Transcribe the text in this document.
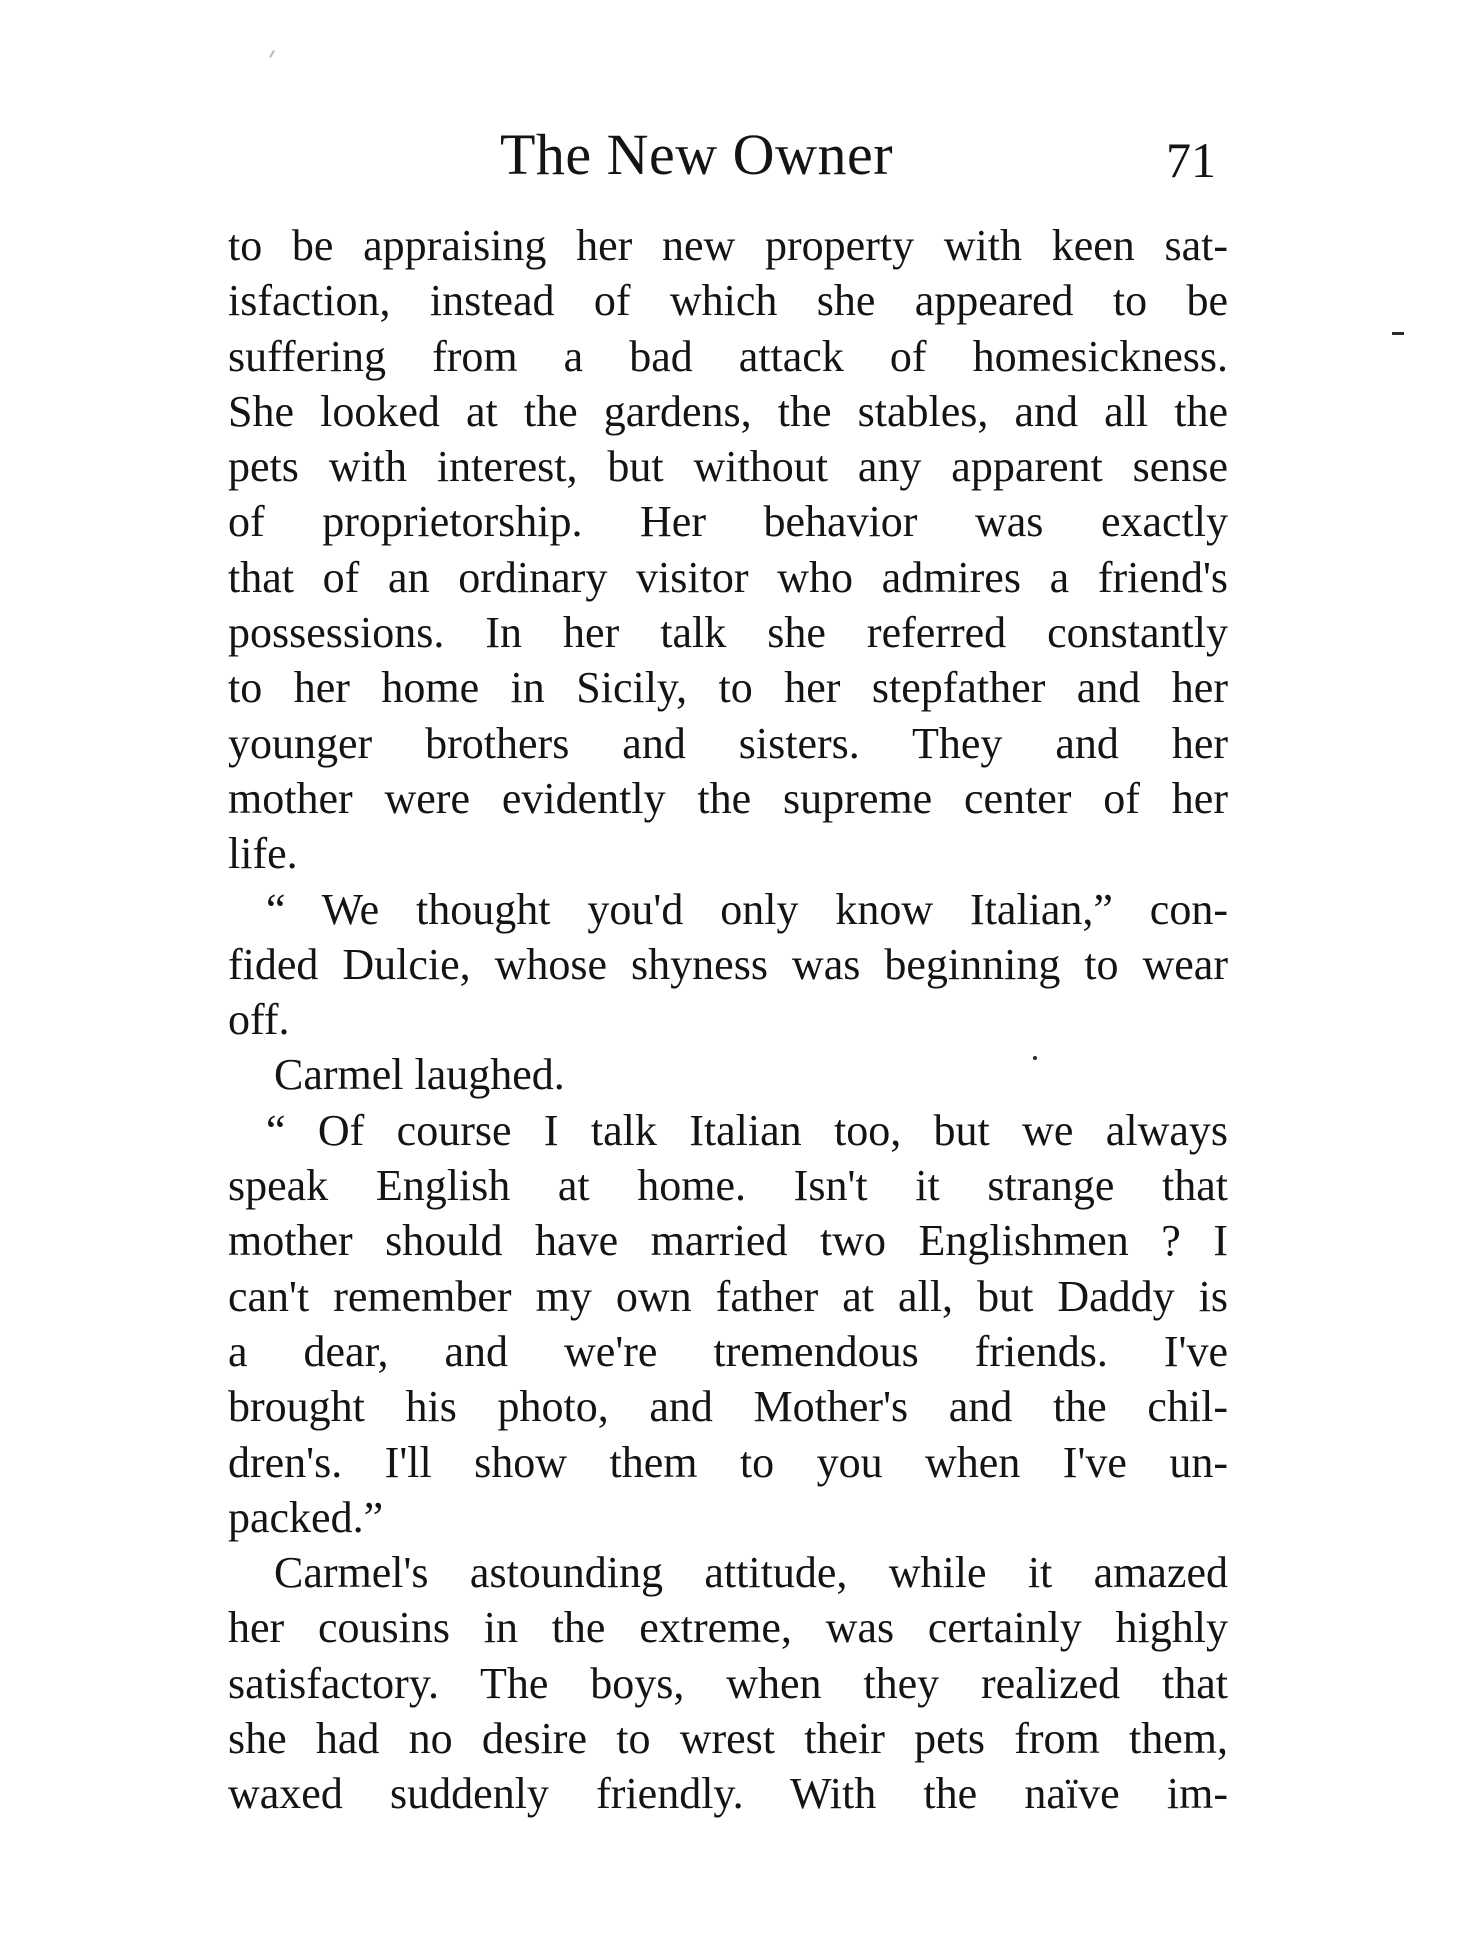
The New Owner	71
to be appraising her new property with keen sat-
isfaction, instead of which she appeared to be
suffering from a bad attack of homesickness.
She looked at the gardens, the stables, and all the
pets with interest, but without any apparent sense
of proprietorship. Her behavior was exactly
that of an ordinary visitor who admires a friend's
possessions. In her talk she referred constantly
to her home in Sicily, to her stepfather and her
younger brothers and sisters. They and her
mother were evidently the supreme center of her
life.
“ We thought you'd only know Italian,” con-
fided Dulcie, whose shyness was beginning to wear
off.
Carmel laughed.
“ Of course I talk Italian too, but we always
speak English at home. Isn't it strange that
mother should have married two Englishmen ? I
can't remember my own father at all, but Daddy is
a dear, and we're tremendous friends. I've
brought his photo, and Mother's and the chil-
dren's. I'll show them to you when I've un-
packed.”
Carmel's astounding attitude, while it amazed
her cousins in the extreme, was certainly highly
satisfactory. The boys, when they realized that
she had no desire to wrest their pets from them,
waxed suddenly friendly. With the naïve im-
